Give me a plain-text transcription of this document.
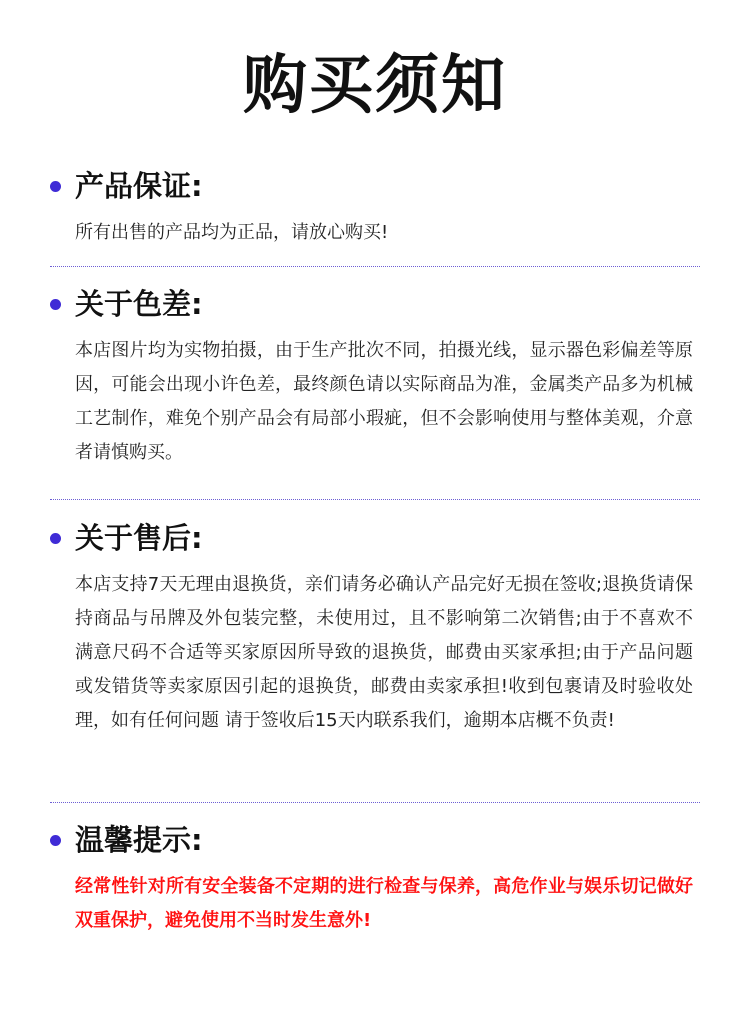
购买须知
产品保证:
所有出售的产品均为正品，请放心购买!
关于色差:
本店图片均为实物拍摄，由于生产批次不同，拍摄光线，显示器色彩偏差等原因，可能会出现小许色差，最终颜色请以实际商品为准，金属类产品多为机械工艺制作，难免个别产品会有局部小瑕疵，但不会影响使用与整体美观，介意者请慎购买。
关于售后:
本店支持7天无理由退换货，亲们请务必确认产品完好无损在签收;退换货请保持商品与吊牌及外包装完整，未使用过，且不影响第二次销售;由于不喜欢不满意尺码不合适等买家原因所导致的退换货，邮费由买家承担;由于产品问题或发错货等卖家原因引起的退换货，邮费由卖家承担!收到包裹请及时验收处理，如有任何问题 请于签收后15天内联系我们，逾期本店概不负责!
温馨提示:
经常性针对所有安全装备不定期的进行检查与保养，高危作业与娱乐切记做好双重保护，避免使用不当时发生意外!
